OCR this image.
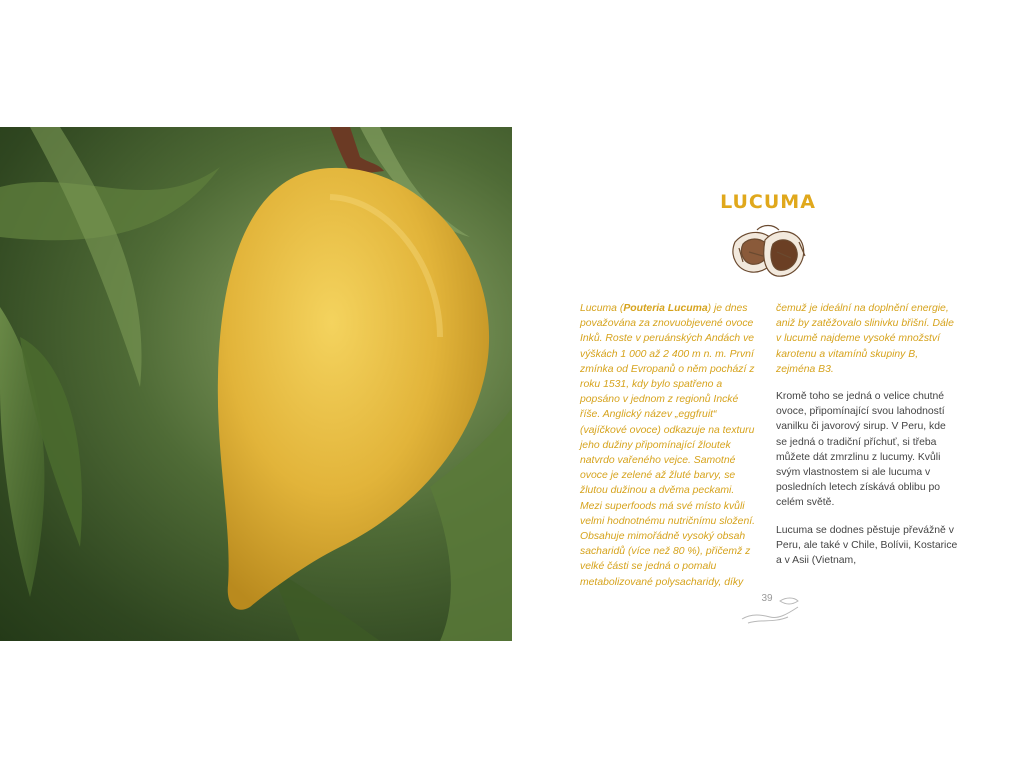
LUCUMA
Lucuma (Pouteria Lucuma) je dnes považována za znovuobjevené ovoce Inků. Roste v peruánských Andách ve výškách 1 000 až 2 400 m n. m. První zmínka od Evropanů o něm pochází z roku 1531, kdy bylo spatřeno a popsáno v jednom z regionů Incké říše. Anglický název „eggfruit“ (vajíčkové ovoce) odkazuje na texturu jeho dužiny připomínající žloutek natvrdo vařeného vejce. Samotné ovoce je zelené až žluté barvy, se žlutou dužinou a dvěma peckami. Mezi superfoods má své místo kvůli velmi hodnotnému nutričnímu složení. Obsahuje mimořádně vysoký obsah sacharidů (více než 80 %), přičemž z velké části se jedná o pomalu metabolizované polysacharidy, díky

čemuž je ideální na doplnění energie, aniž by zatěžovalo slinivku břišní. Dále v lucumě najdeme vysoké množství karotenu a vitamínů skupiny B, zejména B3.

Kromě toho se jedná o velice chutné ovoce, připomínající svou lahodností vanilku či javorový sirup. V Peru, kde se jedná o tradiční příchuť, si třeba můžete dát zmrzlinu z lucumy. Kvůli svým vlastnostem si ale lucuma v posledních letech získává oblibu po celém světě.

Lucuma se dodnes pěstuje převážně v Peru, ale také v Chile, Bolívii, Kostarice a v Asii (Vietnam,

39
